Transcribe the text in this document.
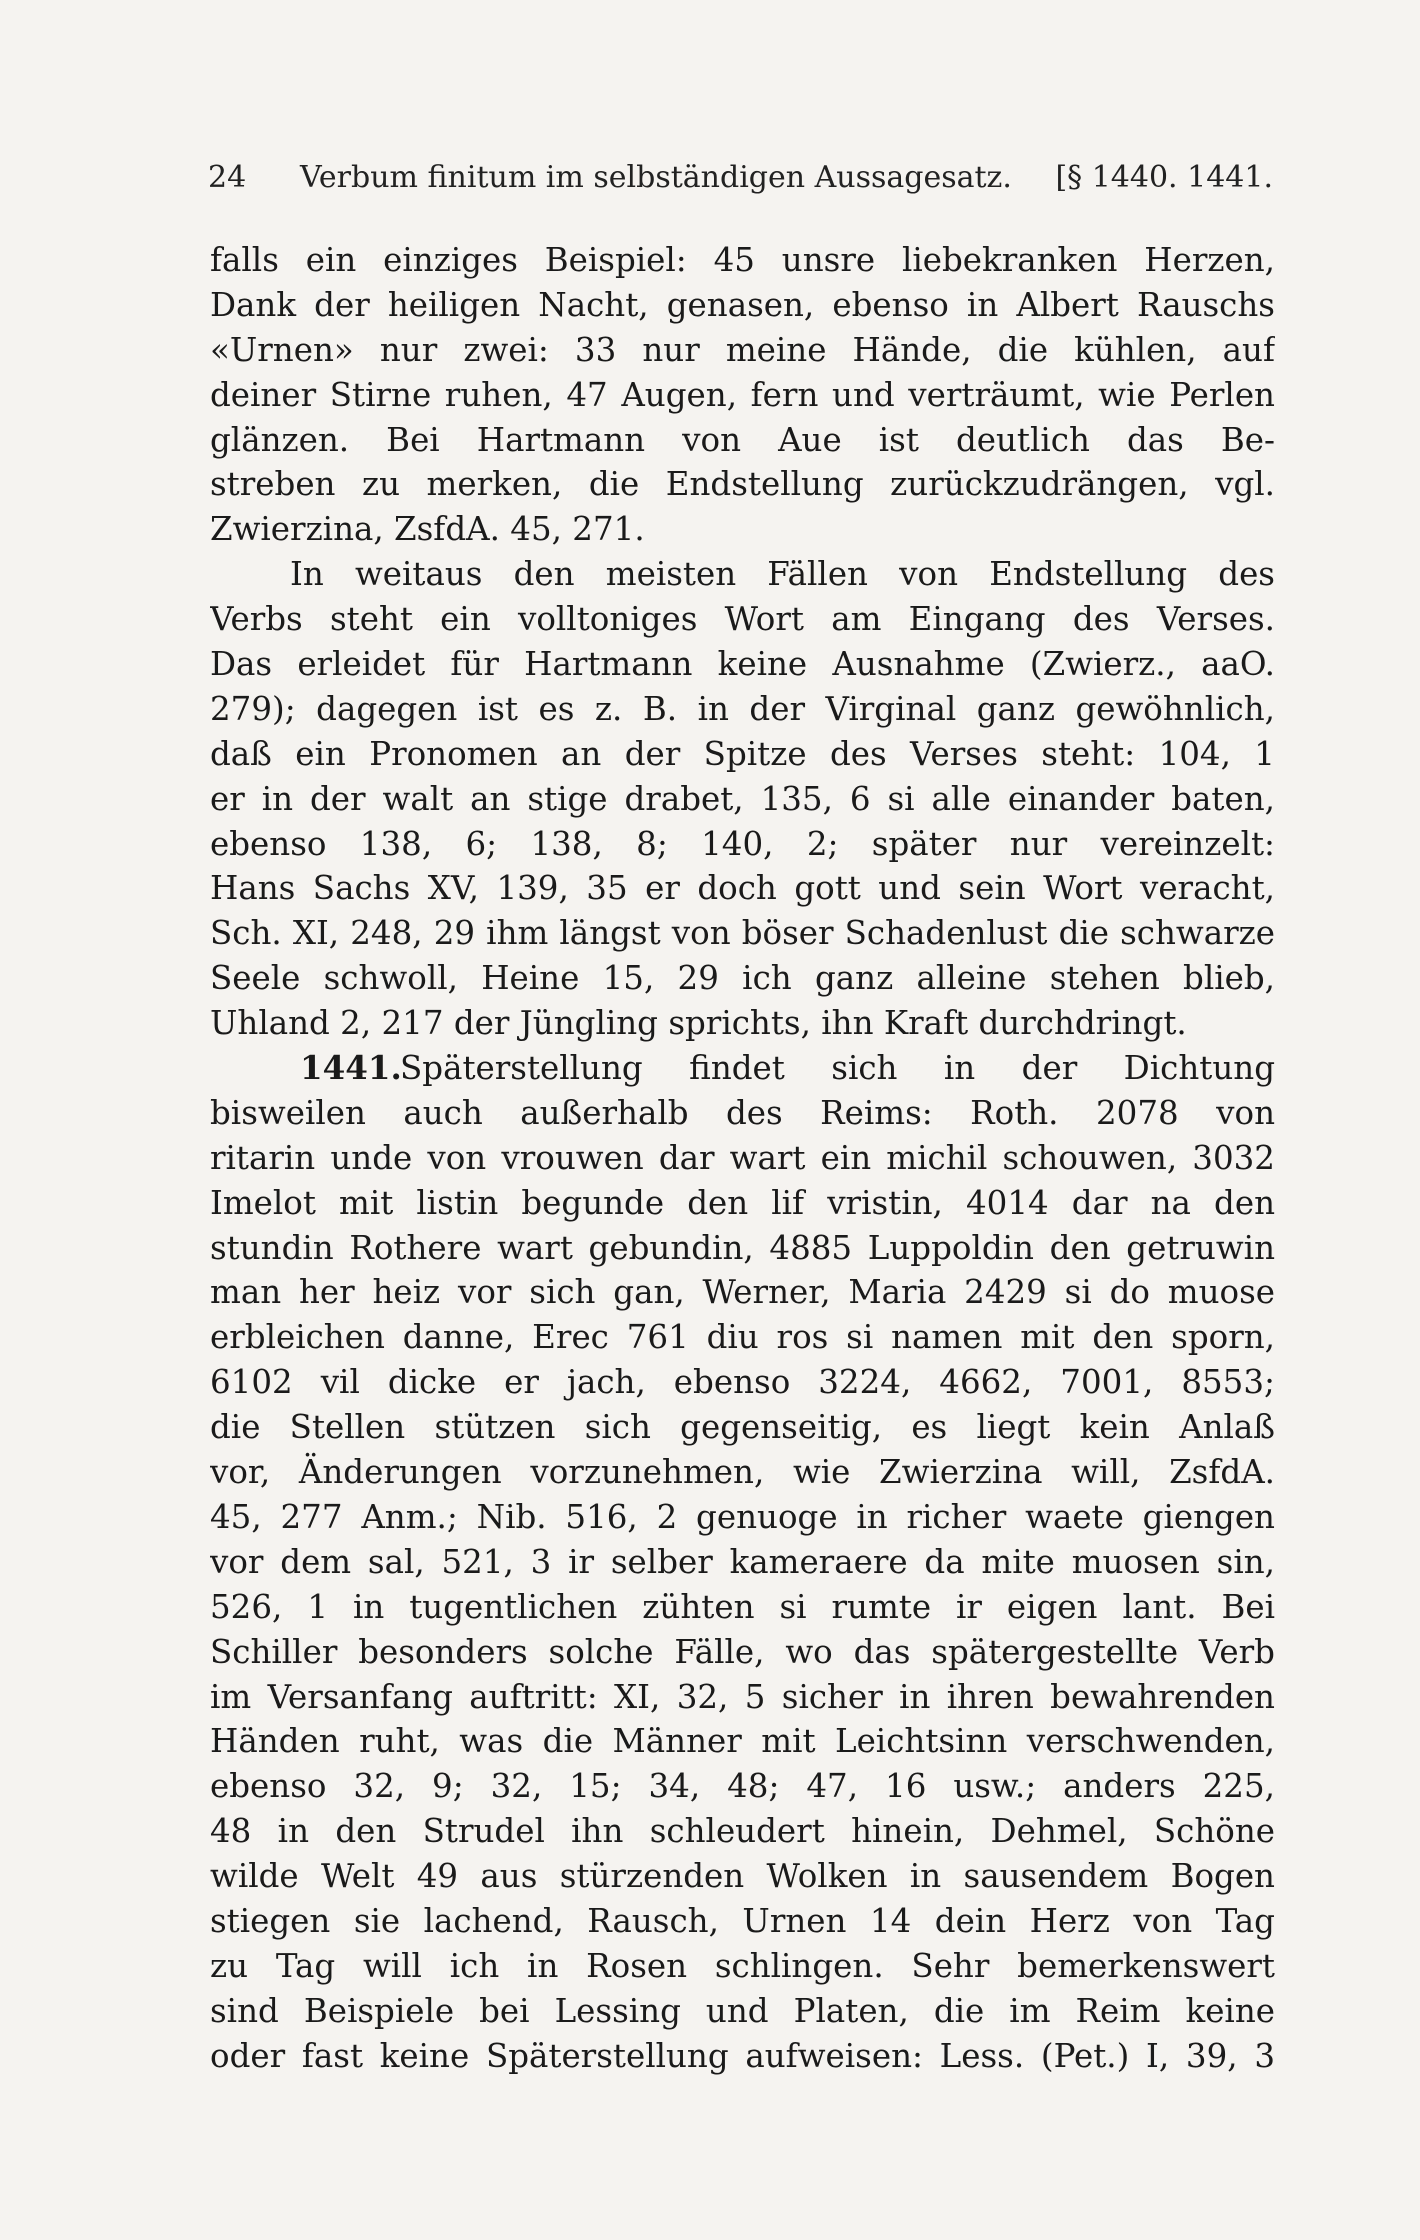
24	Verbum finitum im selbständigen Aussagesatz.	[§ 1440. 1441.
falls ein einziges Beispiel: 45 unsre liebekranken Herzen,
Dank der heiligen Nacht, genasen, ebenso in Albert Rauschs
«Urnen» nur zwei: 33 nur meine Hände, die kühlen, auf
deiner Stirne ruhen, 47 Augen, fern und verträumt, wie Perlen
glänzen. Bei Hartmann von Aue ist deutlich das Be-
streben zu merken, die Endstellung zurückzudrängen, vgl.
Zwierzina, ZsfdA. 45, 271.
In weitaus den meisten Fällen von Endstellung des
Verbs steht ein volltoniges Wort am Eingang des Verses.
Das erleidet für Hartmann keine Ausnahme (Zwierz., aaO.
279); dagegen ist es z. B. in der Virginal ganz gewöhnlich,
daß ein Pronomen an der Spitze des Verses steht: 104, 1
er in der walt an stige drabet, 135, 6 si alle einander baten,
ebenso 138, 6; 138, 8; 140, 2; später nur vereinzelt:
Hans Sachs XV, 139, 35 er doch gott und sein Wort veracht,
Sch. XI, 248, 29 ihm längst von böser Schadenlust die schwarze
Seele schwoll, Heine 15, 29 ich ganz alleine stehen blieb,
Uhland 2, 217 der Jüngling sprichts, ihn Kraft durchdringt.
1441.
Späterstellung findet sich in der Dichtung
bisweilen auch außerhalb des Reims: Roth. 2078 von
ritarin unde von vrouwen dar wart ein michil schouwen, 3032
Imelot mit listin begunde den lif vristin, 4014 dar na den
stundin Rothere wart gebundin, 4885 Luppoldin den getruwin
man her heiz vor sich gan, Werner, Maria 2429 si do muose
erbleichen danne, Erec 761 diu ros si namen mit den sporn,
6102 vil dicke er jach, ebenso 3224, 4662, 7001, 8553;
die Stellen stützen sich gegenseitig, es liegt kein Anlaß
vor, Änderungen vorzunehmen, wie Zwierzina will, ZsfdA.
45, 277 Anm.; Nib. 516, 2 genuoge in richer waete giengen
vor dem sal, 521, 3 ir selber kameraere da mite muosen sin,
526, 1 in tugentlichen zühten si rumte ir eigen lant. Bei
Schiller besonders solche Fälle, wo das spätergestellte Verb
im Versanfang auftritt: XI, 32, 5 sicher in ihren bewahrenden
Händen ruht, was die Männer mit Leichtsinn verschwenden,
ebenso 32, 9; 32, 15; 34, 48; 47, 16 usw.; anders 225,
48 in den Strudel ihn schleudert hinein, Dehmel, Schöne
wilde Welt 49 aus stürzenden Wolken in sausendem Bogen
stiegen sie lachend, Rausch, Urnen 14 dein Herz von Tag
zu Tag will ich in Rosen schlingen. Sehr bemerkenswert
sind Beispiele bei Lessing und Platen, die im Reim keine
oder fast keine Späterstellung aufweisen: Less. (Pet.) I, 39, 3
